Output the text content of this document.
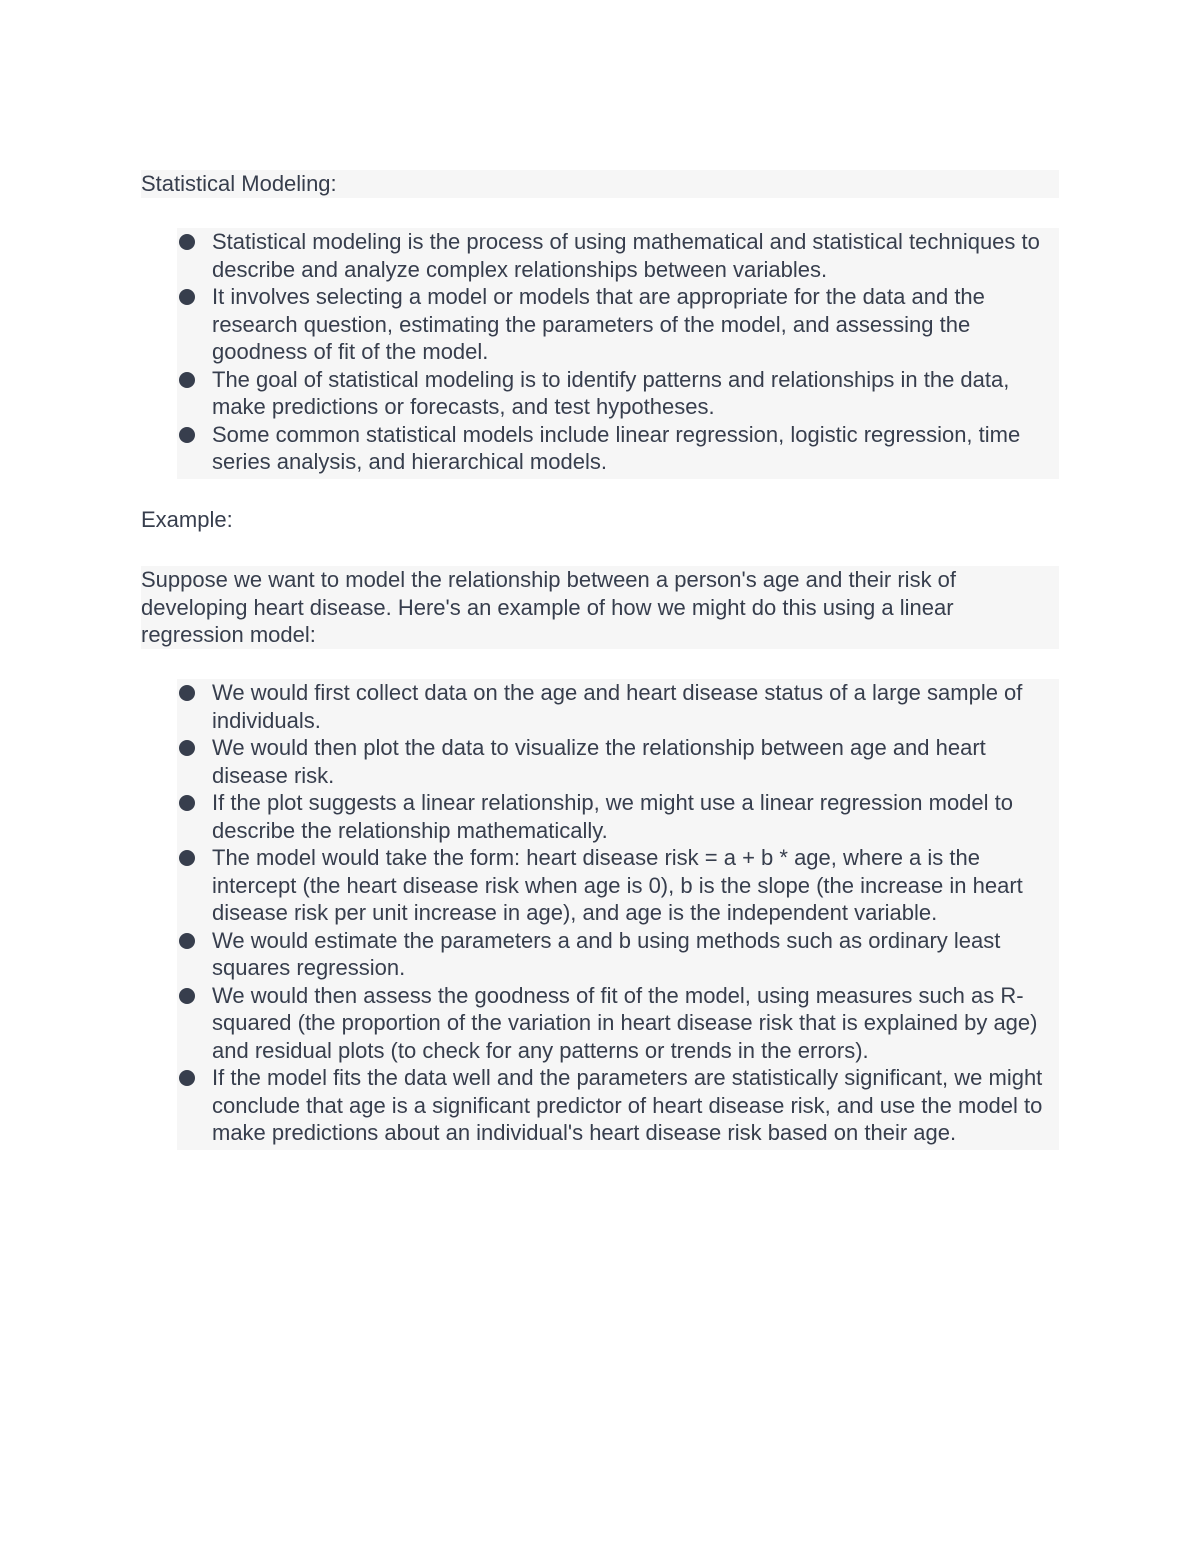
Statistical Modeling:

Statistical modeling is the process of using mathematical and statistical techniques to describe and analyze complex relationships between variables.
It involves selecting a model or models that are appropriate for the data and the research question, estimating the parameters of the model, and assessing the goodness of fit of the model.
The goal of statistical modeling is to identify patterns and relationships in the data, make predictions or forecasts, and test hypotheses.
Some common statistical models include linear regression, logistic regression, time series analysis, and hierarchical models.

Example:

Suppose we want to model the relationship between a person's age and their risk of developing heart disease. Here's an example of how we might do this using a linear regression model:

We would first collect data on the age and heart disease status of a large sample of individuals.
We would then plot the data to visualize the relationship between age and heart disease risk.
If the plot suggests a linear relationship, we might use a linear regression model to describe the relationship mathematically.
The model would take the form: heart disease risk = a + b * age, where a is the intercept (the heart disease risk when age is 0), b is the slope (the increase in heart disease risk per unit increase in age), and age is the independent variable.
We would estimate the parameters a and b using methods such as ordinary least squares regression.
We would then assess the goodness of fit of the model, using measures such as R-squared (the proportion of the variation in heart disease risk that is explained by age) and residual plots (to check for any patterns or trends in the errors).
If the model fits the data well and the parameters are statistically significant, we might conclude that age is a significant predictor of heart disease risk, and use the model to make predictions about an individual's heart disease risk based on their age.
